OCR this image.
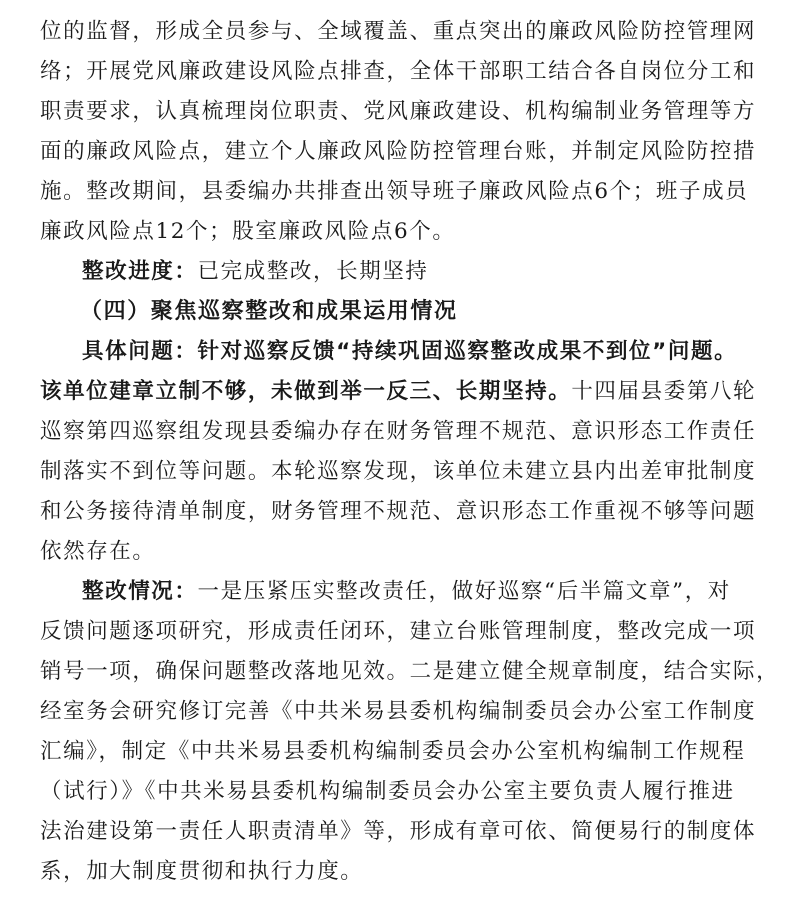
位的监督，形成全员参与、全域覆盖、重点突出的廉政风险防控管理网
络；开展党风廉政建设风险点排查，全体干部职工结合各自岗位分工和
职责要求，认真梳理岗位职责、党风廉政建设、机构编制业务管理等方
面的廉政风险点，建立个人廉政风险防控管理台账，并制定风险防控措
施。整改期间，县委编办共排查出领导班子廉政风险点6个；班子成员
廉政风险点12个；股室廉政风险点6个。
整改进度：已完成整改，长期坚持
（四）聚焦巡察整改和成果运用情况
具体问题：针对巡察反馈“持续巩固巡察整改成果不到位”问题。
该单位建章立制不够，未做到举一反三、长期坚持。十四届县委第八轮
巡察第四巡察组发现县委编办存在财务管理不规范、意识形态工作责任
制落实不到位等问题。本轮巡察发现，该单位未建立县内出差审批制度
和公务接待清单制度，财务管理不规范、意识形态工作重视不够等问题
依然存在。
整改情况：一是压紧压实整改责任，做好巡察“后半篇文章”，对
反馈问题逐项研究，形成责任闭环，建立台账管理制度，整改完成一项
销号一项，确保问题整改落地见效。二是建立健全规章制度，结合实际，
经室务会研究修订完善《中共米易县委机构编制委员会办公室工作制度
汇编》，制定《中共米易县委机构编制委员会办公室机构编制工作规程
（试行）》《中共米易县委机构编制委员会办公室主要负责人履行推进
法治建设第一责任人职责清单》等，形成有章可依、简便易行的制度体
系，加大制度贯彻和执行力度。
